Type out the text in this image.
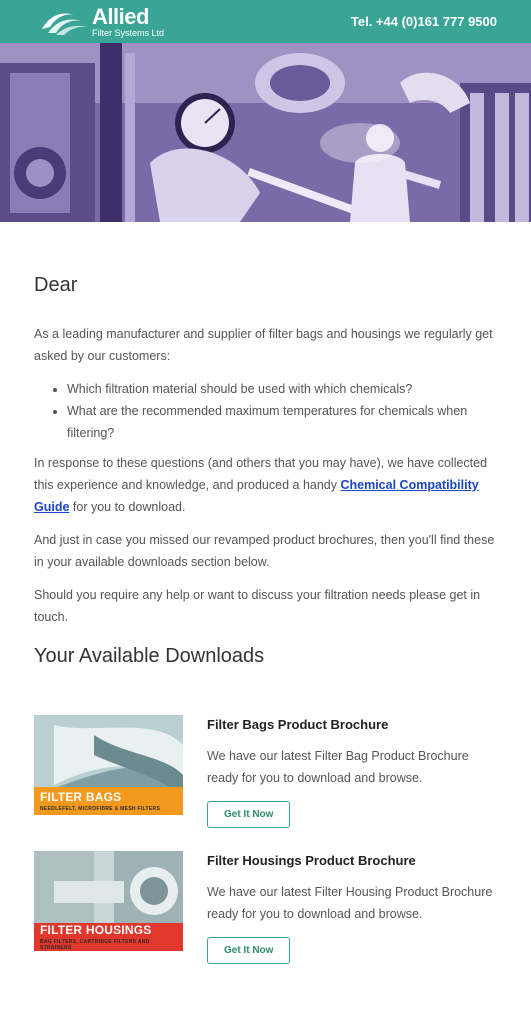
Allied
Filter Systems Ltd
Tel. +44 (0)161 777 9500
Dear

As a leading manufacturer and supplier of filter bags and housings we regularly get asked by our customers:

• Which filtration material should be used with which chemicals?
• What are the recommended maximum temperatures for chemicals when filtering?

In response to these questions (and others that you may have), we have collected this experience and knowledge, and produced a handy Chemical Compatibility Guide for you to download.

And just in case you missed our revamped product brochures, then you'll find these in your available downloads section below.

Should you require any help or want to discuss your filtration needs please get in touch.

Your Available Downloads
FILTER BAGS
NEEDLEFELT, MICROFIBRE & MESH FILTERS
Filter Bags Product Brochure

We have our latest Filter Bag Product Brochure ready for you to download and browse.

Get It Now
FILTER HOUSINGS
BAG FILTERS, CARTRIDGE FILTERS AND STRAINERS
Filter Housings Product Brochure

We have our latest Filter Housing Product Brochure ready for you to download and browse.

Get It Now
